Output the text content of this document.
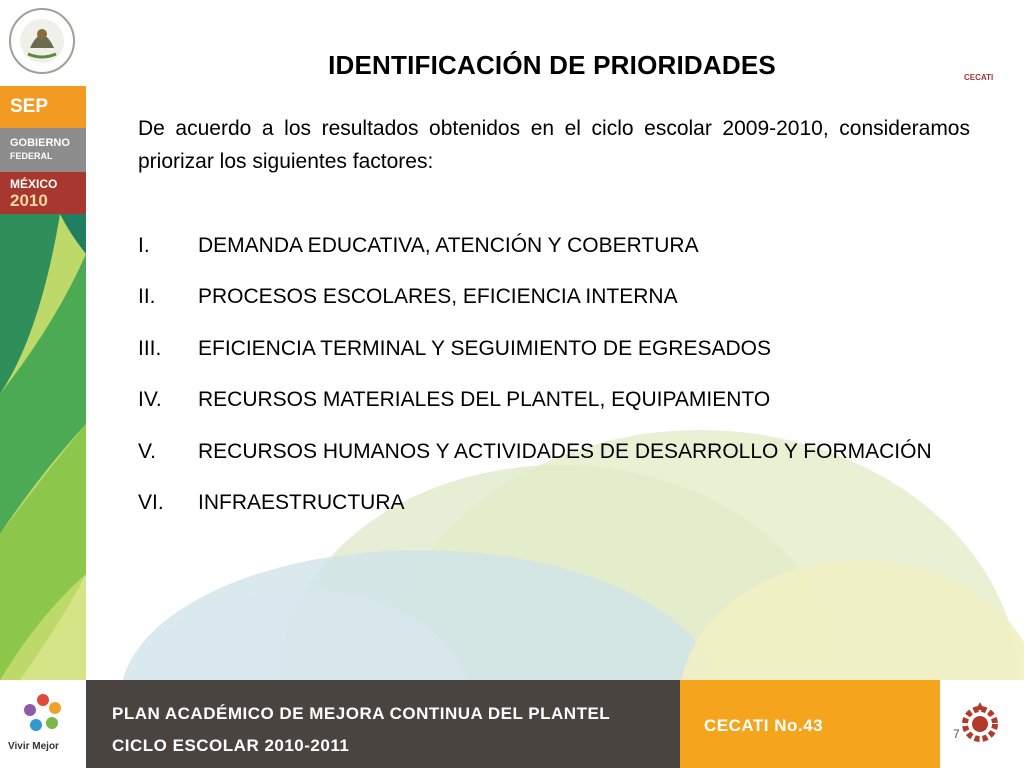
SEP
GOBIERNO
FEDERAL
MÉXICO
2010
IDENTIFICACIÓN DE PRIORIDADES
De acuerdo a los resultados obtenidos en el ciclo escolar 2009-2010, consideramos priorizar los siguientes factores:
I.	DEMANDA EDUCATIVA, ATENCIÓN Y COBERTURA
II.	PROCESOS ESCOLARES, EFICIENCIA INTERNA
III.	EFICIENCIA TERMINAL Y SEGUIMIENTO DE EGRESADOS
IV.	RECURSOS MATERIALES DEL PLANTEL, EQUIPAMIENTO
V.	RECURSOS HUMANOS Y ACTIVIDADES DE DESARROLLO Y FORMACIÓN
VI.	INFRAESTRUCTURA
Vivir Mejor
PLAN ACADÉMICO DE MEJORA CONTINUA DEL PLANTEL
CICLO ESCOLAR 2010-2011
CECATI No.43
CECATI
7
